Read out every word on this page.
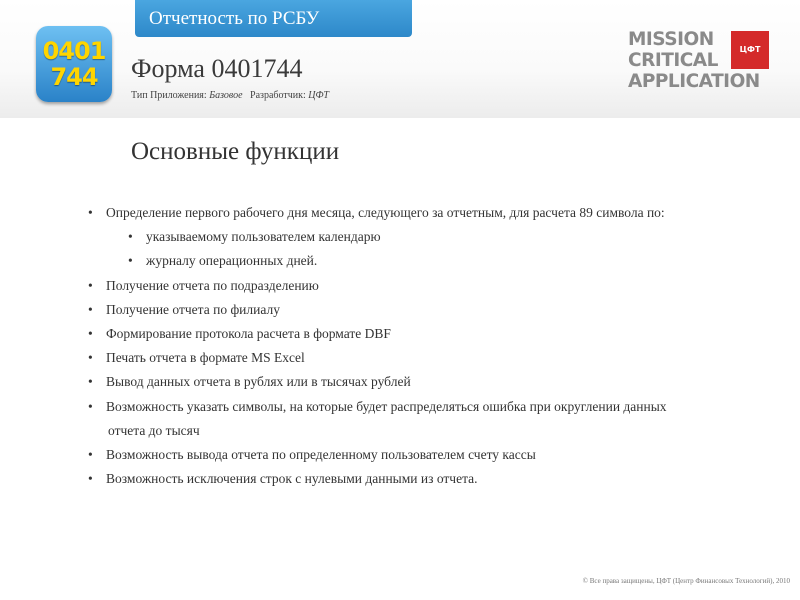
Отчетность по РСБУ
0401
744 Форма 0401744
Тип Приложения: Базовое Разработчик: ЦФТ
MISSION
CRITICAL
APPLICATION
ЦФТ
Основные функции
• Определение первого рабочего дня месяца, следующего за отчетным, для расчета 89 символа по:
• указываемому пользователем календарю
• журналу операционных дней.
• Получение отчета по подразделению
• Получение отчета по филиалу
• Формирование протокола расчета в формате DBF
• Печать отчета в формате MS Excel
• Вывод данных отчета в рублях или в тысячах рублей
• Возможность указать символы, на которые будет распределяться ошибка при округлении данных
отчета до тысяч
• Возможность вывода отчета по определенному пользователем счету кассы
• Возможность исключения строк с нулевыми данными из отчета.
© Все права защищены, ЦФТ (Центр Финансовых Технологий), 2010
